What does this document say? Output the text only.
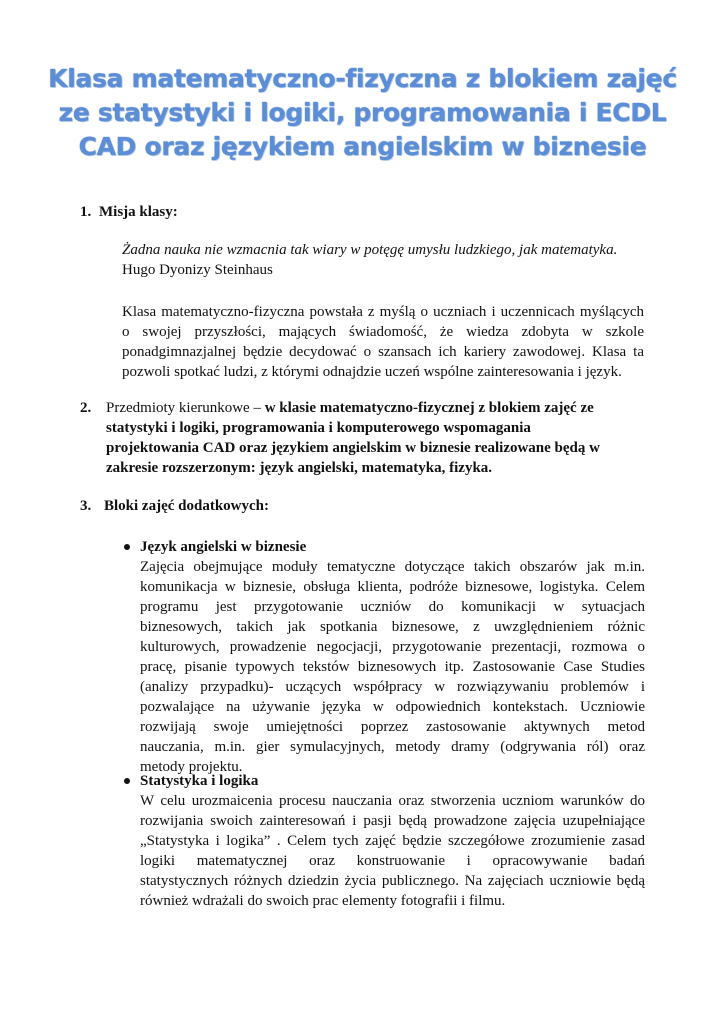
Klasa matematyczno-fizyczna z blokiem zajęć
ze statystyki i logiki, programowania i ECDL
CAD oraz językiem angielskim w biznesie
1. Misja klasy:
Żadna nauka nie wzmacnia tak wiary w potęgę umysłu ludzkiego, jak matematyka.
Hugo Dyonizy Steinhaus
Klasa matematyczno-fizyczna powstała z myślą o uczniach i uczennicach myślących
o swojej przyszłości, mających świadomość, że wiedza zdobyta w szkole
ponadgimnazjalnej będzie decydować o szansach ich kariery zawodowej. Klasa ta
pozwoli spotkać ludzi, z którymi odnajdzie uczeń wspólne zainteresowania i język.
2. Przedmioty kierunkowe – w klasie matematyczno-fizycznej z blokiem zajęć ze
statystyki i logiki, programowania i komputerowego wspomagania
projektowania CAD oraz językiem angielskim w biznesie realizowane będą w
zakresie rozszerzonym: język angielski, matematyka, fizyka.
3. Bloki zajęć dodatkowych:
Język angielski w biznesie
Zajęcia obejmujące moduły tematyczne dotyczące takich obszarów jak m.in.
komunikacja w biznesie, obsługa klienta, podróże biznesowe, logistyka. Celem
programu jest przygotowanie uczniów do komunikacji w sytuacjach
biznesowych, takich jak spotkania biznesowe, z uwzględnieniem różnic
kulturowych, prowadzenie negocjacji, przygotowanie prezentacji, rozmowa o
pracę, pisanie typowych tekstów biznesowych itp. Zastosowanie Case Studies
(analizy przypadku)- uczących współpracy w rozwiązywaniu problemów i
pozwalające na używanie języka w odpowiednich kontekstach. Uczniowie
rozwijają swoje umiejętności poprzez zastosowanie aktywnych metod
nauczania, m.in. gier symulacyjnych, metody dramy (odgrywania ról) oraz
metody projektu.
Statystyka i logika
W celu urozmaicenia procesu nauczania oraz stworzenia uczniom warunków do
rozwijania swoich zainteresowań i pasji będą prowadzone zajęcia uzupełniające
„Statystyka i logika” . Celem tych zajęć będzie szczegółowe zrozumienie zasad
logiki matematycznej oraz konstruowanie i opracowywanie badań
statystycznych różnych dziedzin życia publicznego. Na zajęciach uczniowie będą
również wdrażali do swoich prac elementy fotografii i filmu.
